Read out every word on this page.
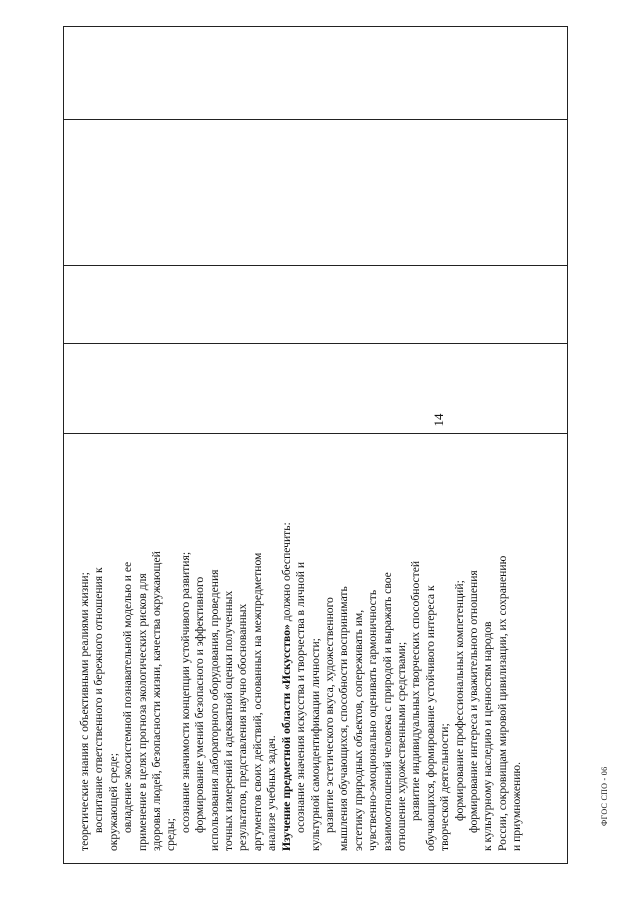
14
теоретические знания с объективными реалиями жизни; воспитание ответственного и бережного отношения к окружающей среде; овладение экосистемной познавательной моделью и ее применение в целях прогноза экологических рисков для здоровья людей, безопасности жизни, качества окружающей среды;
осознание значимости концепции устойчивого развития; формирование умений безопасного и эффективного использования лабораторного оборудования, проведения точных измерений и адекватной оценки полученных результатов, представления научно обоснованных аргументов своих действий, основанных на межпредметном анализе учебных задач. Изучение предметной области «Искусство» должно обеспечить: осознание значения искусства и творчества в личной и культурной самоидентификации личности; развитие эстетического вкуса, художественного мышления обучающихся, способности воспринимать эстетику природных объектов, сопереживать им, чувственно-эмоционально оценивать гармоничность взаимоотношений человека с природой и выражать свое отношение художественными средствами; развитие индивидуальных творческих способностей обучающихся, формирование устойчивого интереса к творческой деятельности; формирование профессиональных компетенций; формирование интереса и уважительного отношения к культурному наследию и ценностям народов России, сокровищам мировой цивилизации, их сохранению и приумножению.	ФГОС СПО - 06
